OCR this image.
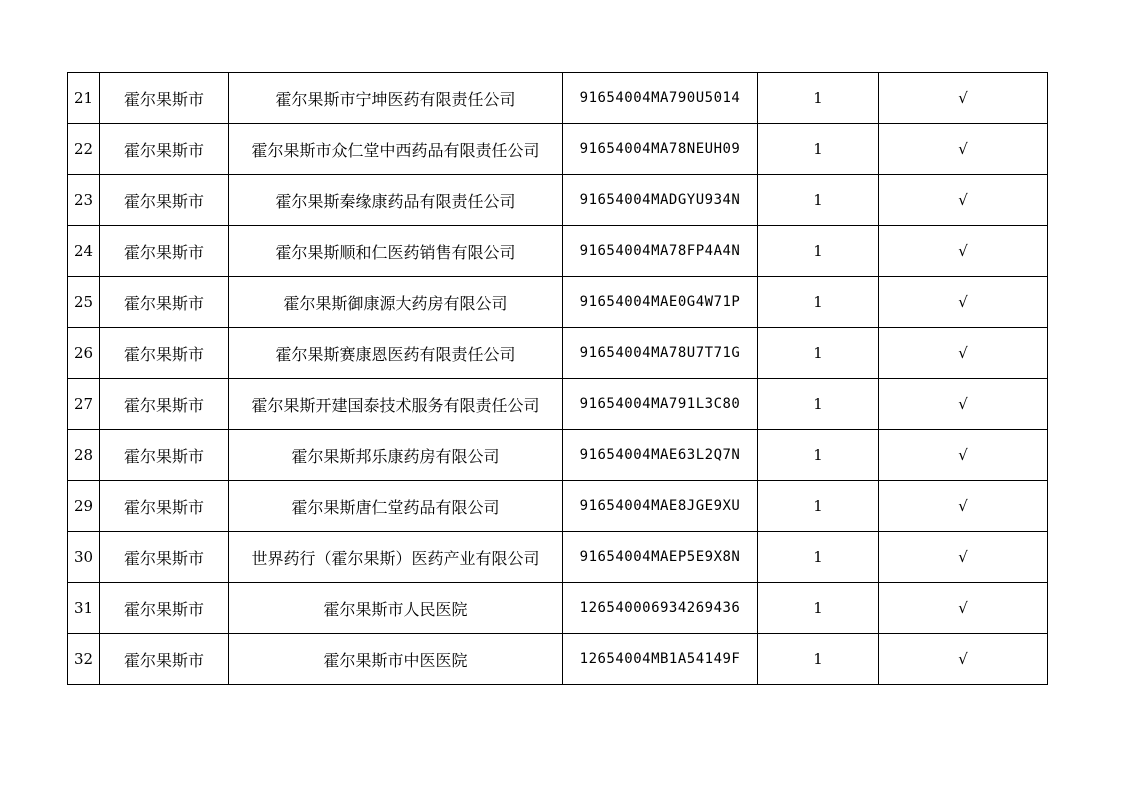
21	霍尔果斯市	霍尔果斯市宁坤医药有限责任公司	91654004MA790U5014	1	√
22	霍尔果斯市	霍尔果斯市众仁堂中西药品有限责任公司	91654004MA78NEUH09	1	√
23	霍尔果斯市	霍尔果斯秦缘康药品有限责任公司	91654004MADGYU934N	1	√
24	霍尔果斯市	霍尔果斯顺和仁医药销售有限公司	91654004MA78FP4A4N	1	√
25	霍尔果斯市	霍尔果斯御康源大药房有限公司	91654004MAE0G4W71P	1	√
26	霍尔果斯市	霍尔果斯赛康恩医药有限责任公司	91654004MA78U7T71G	1	√
27	霍尔果斯市	霍尔果斯开建国泰技术服务有限责任公司	91654004MA791L3C80	1	√
28	霍尔果斯市	霍尔果斯邦乐康药房有限公司	91654004MAE63L2Q7N	1	√
29	霍尔果斯市	霍尔果斯唐仁堂药品有限公司	91654004MAE8JGE9XU	1	√
30	霍尔果斯市	世界药行（霍尔果斯）医药产业有限公司	91654004MAEP5E9X8N	1	√
31	霍尔果斯市	霍尔果斯市人民医院	126540006934269436	1	√
32	霍尔果斯市	霍尔果斯市中医医院	12654004MB1A54149F	1	√
